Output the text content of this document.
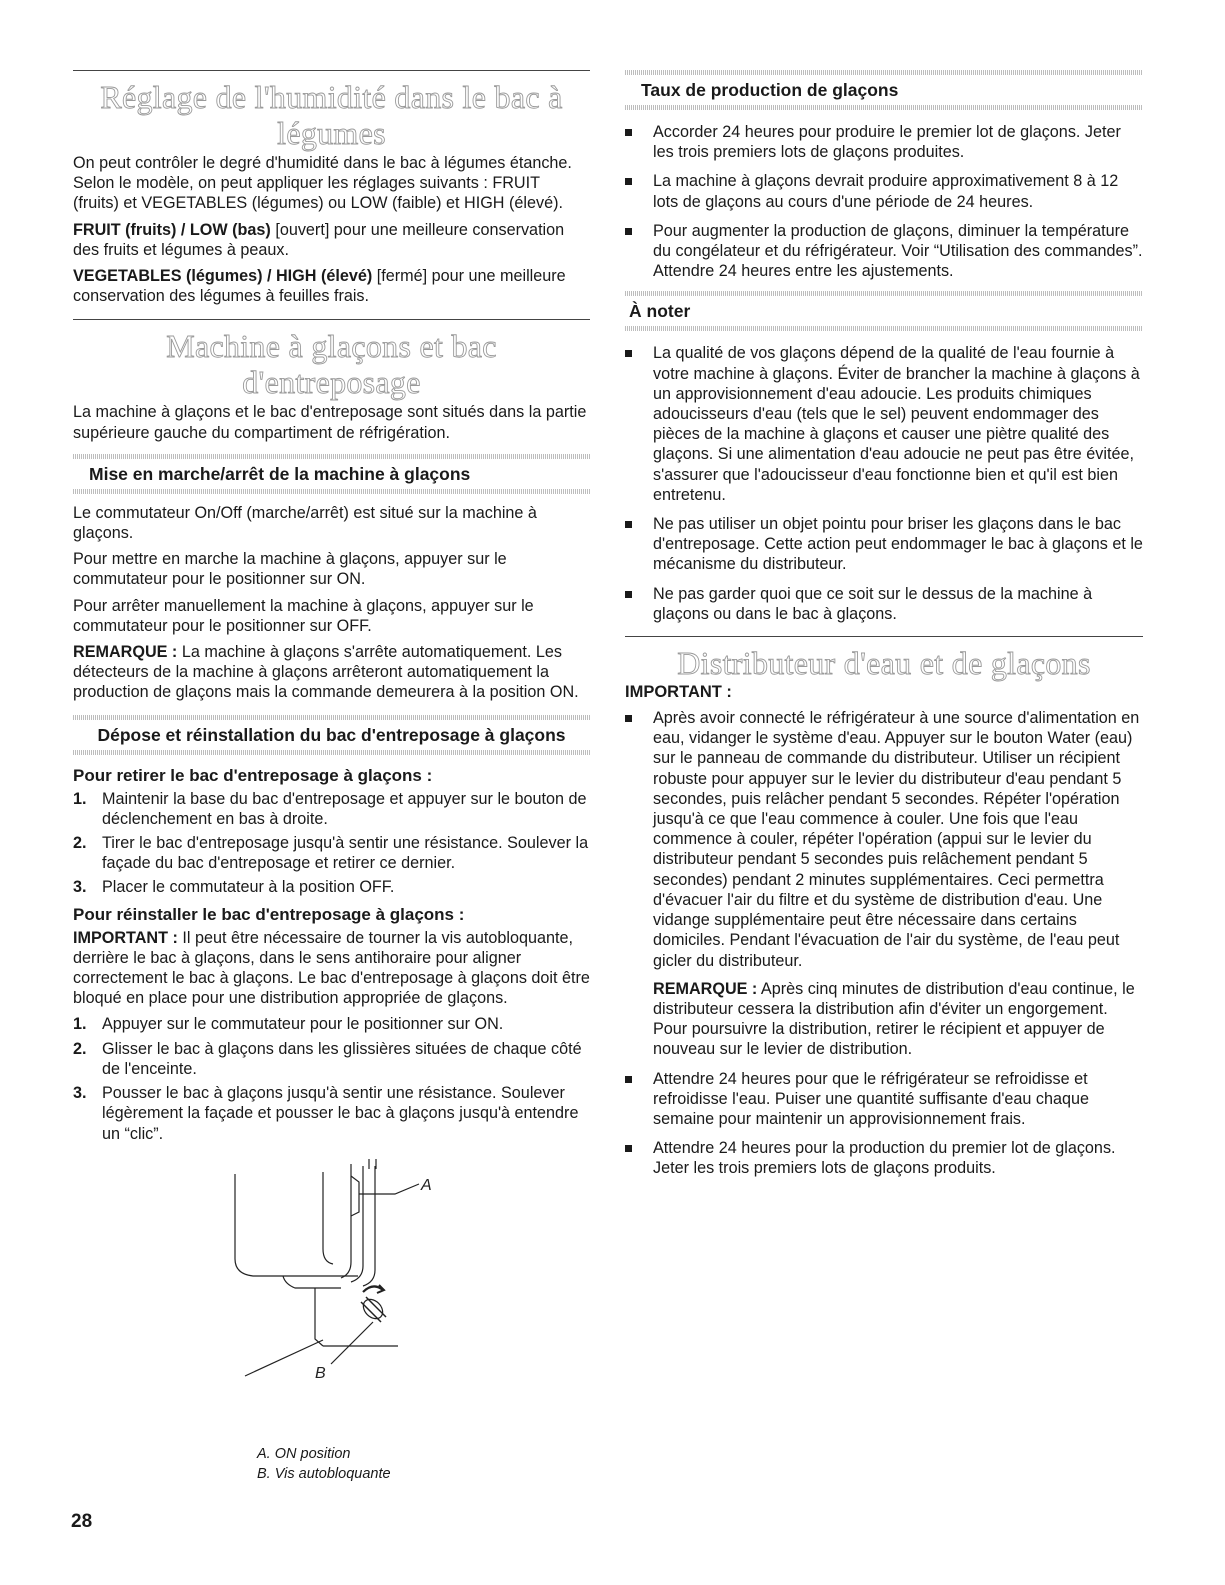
Réglage de l'humidité dans le bac à légumes

On peut contrôler le degré d'humidité dans le bac à légumes étanche. Selon le modèle, on peut appliquer les réglages suivants : FRUIT (fruits) et VEGETABLES (légumes) ou LOW (faible) et HIGH (élevé).

FRUIT (fruits) / LOW (bas) [ouvert] pour une meilleure conservation des fruits et légumes à peaux.

VEGETABLES (légumes) / HIGH (élevé) [fermé] pour une meilleure conservation des légumes à feuilles frais.

Machine à glaçons et bac d'entreposage

La machine à glaçons et le bac d'entreposage sont situés dans la partie supérieure gauche du compartiment de réfrigération.

Mise en marche/arrêt de la machine à glaçons

Le commutateur On/Off (marche/arrêt) est situé sur la machine à glaçons.

Pour mettre en marche la machine à glaçons, appuyer sur le commutateur pour le positionner sur ON.

Pour arrêter manuellement la machine à glaçons, appuyer sur le commutateur pour le positionner sur OFF.

REMARQUE : La machine à glaçons s'arrête automatiquement. Les détecteurs de la machine à glaçons arrêteront automatiquement la production de glaçons mais la commande demeurera à la position ON.

Dépose et réinstallation du bac d'entreposage à glaçons
Pour retirer le bac d'entreposage à glaçons :
1. Maintenir la base du bac d'entreposage et appuyer sur le bouton de déclenchement en bas à droite.
2. Tirer le bac d'entreposage jusqu'à sentir une résistance. Soulever la façade du bac d'entreposage et retirer ce dernier.
3. Placer le commutateur à la position OFF.
Pour réinstaller le bac d'entreposage à glaçons :

IMPORTANT : Il peut être nécessaire de tourner la vis autobloquante, derrière le bac à glaçons, dans le sens antihoraire pour aligner correctement le bac à glaçons. Le bac d'entreposage à glaçons doit être bloqué en place pour une distribution appropriée de glaçons.

1. Appuyer sur le commutateur pour le positionner sur ON.
2. Glisser le bac à glaçons dans les glissières situées de chaque côté de l'enceinte.
3. Pousser le bac à glaçons jusqu'à sentir une résistance. Soulever légèrement la façade et pousser le bac à glaçons jusqu'à entendre un “clic”.
A
B
A. ON position
B. Vis autobloquante
Taux de production de glaçons
Accorder 24 heures pour produire le premier lot de glaçons. Jeter les trois premiers lots de glaçons produites.
La machine à glaçons devrait produire approximativement 8 à 12 lots de glaçons au cours d'une période de 24 heures.
Pour augmenter la production de glaçons, diminuer la température du congélateur et du réfrigérateur. Voir “Utilisation des commandes”. Attendre 24 heures entre les ajustements.
À noter
La qualité de vos glaçons dépend de la qualité de l'eau fournie à votre machine à glaçons. Éviter de brancher la machine à glaçons à un approvisionnement d'eau adoucie. Les produits chimiques adoucisseurs d'eau (tels que le sel) peuvent endommager des pièces de la machine à glaçons et causer une piètre qualité des glaçons. Si une alimentation d'eau adoucie ne peut pas être évitée, s'assurer que l'adoucisseur d'eau fonctionne bien et qu'il est bien entretenu.
Ne pas utiliser un objet pointu pour briser les glaçons dans le bac d'entreposage. Cette action peut endommager le bac à glaçons et le mécanisme du distributeur.
Ne pas garder quoi que ce soit sur le dessus de la machine à glaçons ou dans le bac à glaçons.
Distributeur d'eau et de glaçons
IMPORTANT :
Après avoir connecté le réfrigérateur à une source d'alimentation en eau, vidanger le système d'eau. Appuyer sur le bouton Water (eau) sur le panneau de commande du distributeur. Utiliser un récipient robuste pour appuyer sur le levier du distributeur d'eau pendant 5 secondes, puis relâcher pendant 5 secondes. Répéter l'opération jusqu'à ce que l'eau commence à couler. Une fois que l'eau commence à couler, répéter l'opération (appui sur le levier du distributeur pendant 5 secondes puis relâchement pendant 5 secondes) pendant 2 minutes supplémentaires. Ceci permettra d'évacuer l'air du filtre et du système de distribution d'eau. Une vidange supplémentaire peut être nécessaire dans certains domiciles. Pendant l'évacuation de l'air du système, de l'eau peut gicler du distributeur.

REMARQUE : Après cinq minutes de distribution d'eau continue, le distributeur cessera la distribution afin d'éviter un engorgement. Pour poursuivre la distribution, retirer le récipient et appuyer de nouveau sur le levier de distribution.

Attendre 24 heures pour que le réfrigérateur se refroidisse et refroidisse l'eau. Puiser une quantité suffisante d'eau chaque semaine pour maintenir un approvisionnement frais.
Attendre 24 heures pour la production du premier lot de glaçons. Jeter les trois premiers lots de glaçons produits.
28
